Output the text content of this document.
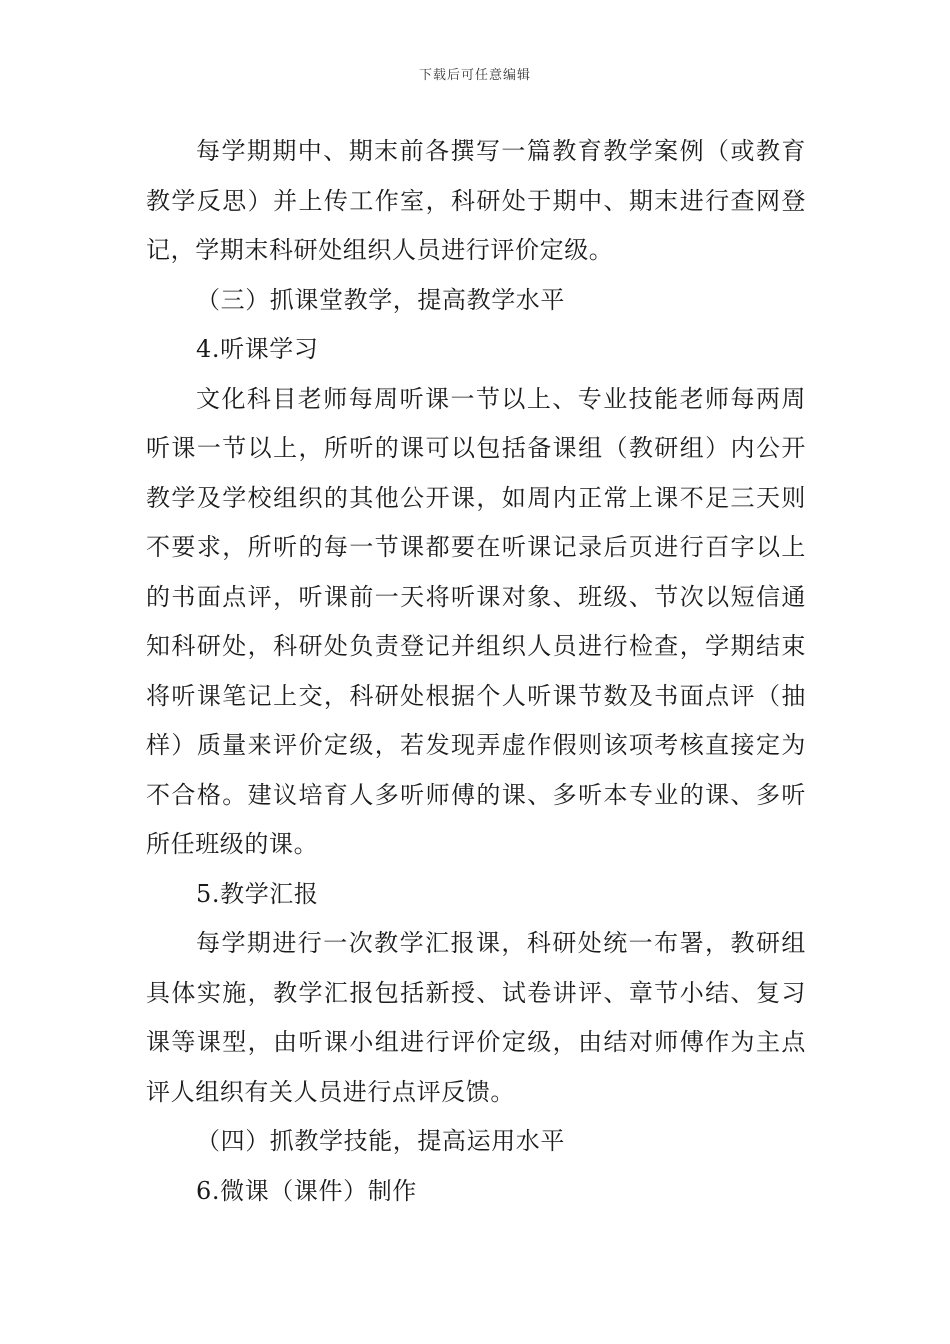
下载后可任意编辑

每学期期中、期末前各撰写一篇教育教学案例（或教育教学反思）并上传工作室，科研处于期中、期末进行查网登记，学期末科研处组织人员进行评价定级。

（三）抓课堂教学，提高教学水平

4.听课学习

文化科目老师每周听课一节以上、专业技能老师每两周听课一节以上，所听的课可以包括备课组（教研组）内公开教学及学校组织的其他公开课，如周内正常上课不足三天则不要求，所听的每一节课都要在听课记录后页进行百字以上的书面点评，听课前一天将听课对象、班级、节次以短信通知科研处，科研处负责登记并组织人员进行检查，学期结束将听课笔记上交，科研处根据个人听课节数及书面点评（抽样）质量来评价定级，若发现弄虚作假则该项考核直接定为不合格。建议培育人多听师傅的课、多听本专业的课、多听所任班级的课。

5.教学汇报

每学期进行一次教学汇报课，科研处统一布署，教研组具体实施，教学汇报包括新授、试卷讲评、章节小结、复习课等课型，由听课小组进行评价定级，由结对师傅作为主点评人组织有关人员进行点评反馈。

（四）抓教学技能，提高运用水平

6.微课（课件）制作
